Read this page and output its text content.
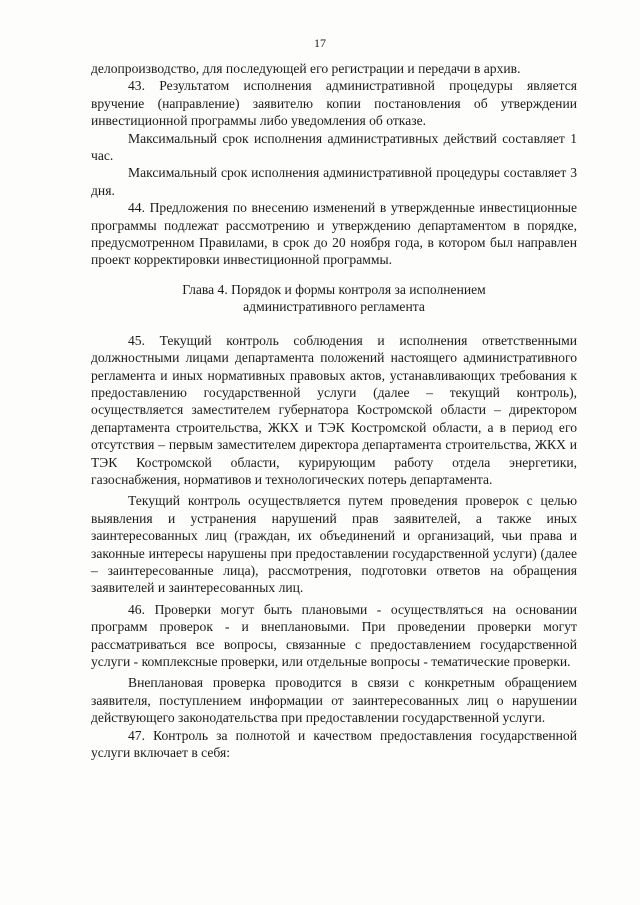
17

делопроизводство, для последующей его регистрации и передачи в архив.

43. Результатом исполнения административной процедуры является вручение (направление) заявителю копии постановления об утверждении инвестиционной программы либо уведомления об отказе.

Максимальный срок исполнения административных действий составляет 1 час.

Максимальный срок исполнения административной процедуры составляет 3 дня.

44. Предложения по внесению изменений в утвержденные инвестиционные программы подлежат рассмотрению и утверждению департаментом в порядке, предусмотренном Правилами, в срок до 20 ноября года, в котором был направлен проект корректировки инвестиционной программы.

Глава 4. Порядок и формы контроля за исполнением
административного регламента

45. Текущий контроль соблюдения и исполнения ответственными должностными лицами департамента положений настоящего административного регламента и иных нормативных правовых актов, устанавливающих требования к предоставлению государственной услуги (далее – текущий контроль), осуществляется заместителем губернатора Костромской области – директором департамента строительства, ЖКХ и ТЭК Костромской области, а в период его отсутствия – первым заместителем директора департамента строительства, ЖКХ и ТЭК Костромской области, курирующим работу отдела энергетики, газоснабжения, нормативов и технологических потерь департамента.

Текущий контроль осуществляется путем проведения проверок с целью выявления и устранения нарушений прав заявителей, а также иных заинтересованных лиц (граждан, их объединений и организаций, чьи права и законные интересы нарушены при предоставлении государственной услуги) (далее – заинтересованные лица), рассмотрения, подготовки ответов на обращения заявителей и заинтересованных лиц.

46. Проверки могут быть плановыми - осуществляться на основании программ проверок - и внеплановыми. При проведении проверки могут рассматриваться все вопросы, связанные с предоставлением государственной услуги - комплексные проверки, или отдельные вопросы - тематические проверки.

Внеплановая проверка проводится в связи с конкретным обращением заявителя, поступлением информации от заинтересованных лиц о нарушении действующего законодательства при предоставлении государственной услуги.

47. Контроль за полнотой и качеством предоставления государственной услуги включает в себя:
